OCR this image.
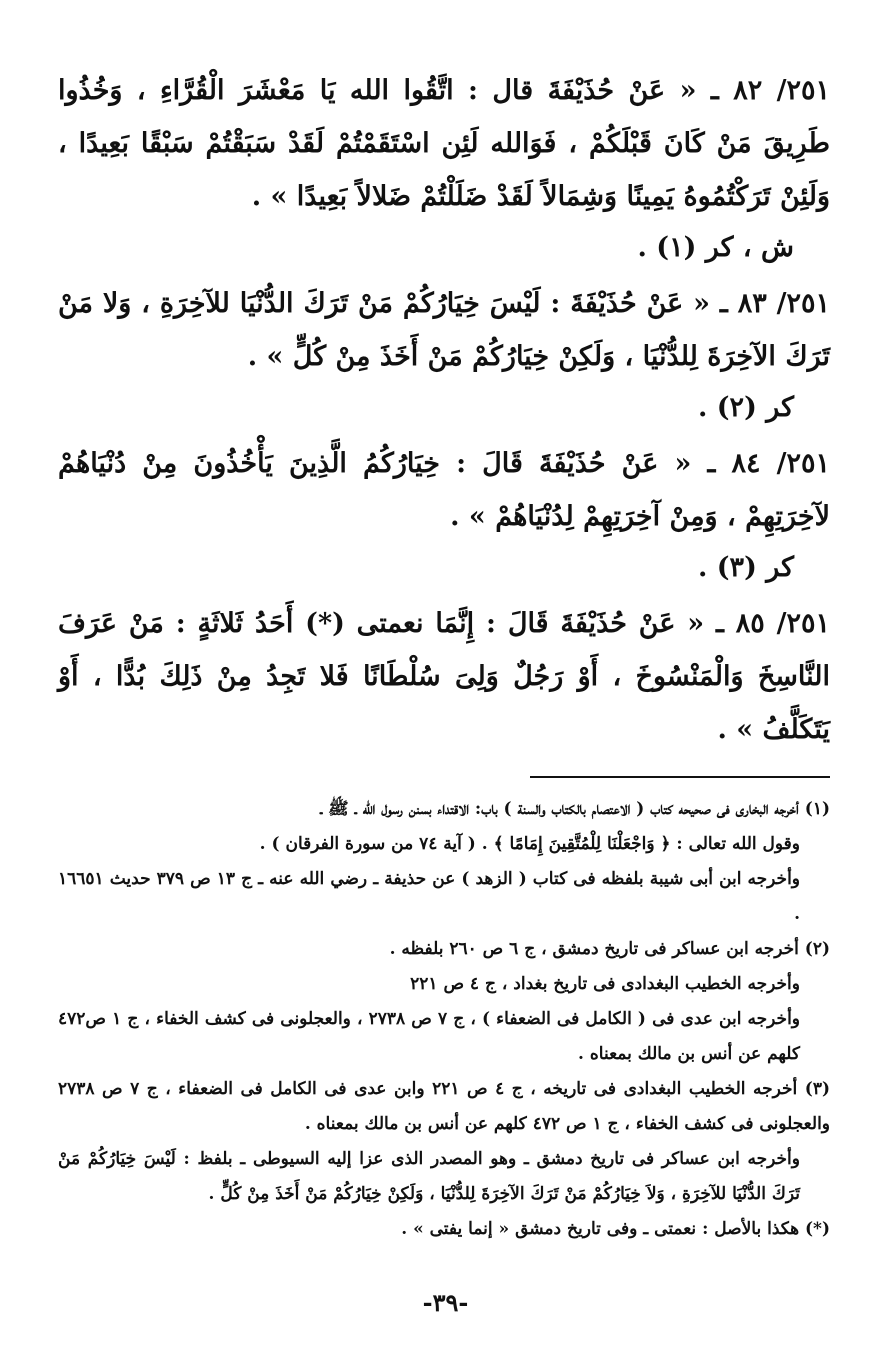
٢٥١/ ٨٢ ـ « عَنْ حُذَيْفَةَ قال : اتَّقُوا الله يَا مَعْشَرَ الْقُرَّاءِ ، وَخُذُوا طَرِيقَ مَنْ كَانَ قَبْلَكُمْ ، فَوَالله لَئِن اسْتَقَمْتُمْ لَقَدْ سَبَقْتُمْ سَبْقًا بَعِيدًا ، وَلَئِنْ تَرَكْتُمُوهُ يَمِينًا وَشِمَالاً لَقَدْ ضَلَلْتُمْ ضَلالاً بَعِيدًا » .

ش ، كر (١) .

٢٥١/ ٨٣ ـ « عَنْ حُذَيْفَةَ : لَيْسَ خِيَارُكُمْ مَنْ تَرَكَ الدُّنْيَا للآخِرَةِ ، وَلا مَنْ تَرَكَ الآخِرَةَ لِلدُّنْيَا ، وَلَكِنْ خِيَارُكُمْ مَنْ أَخَذَ مِنْ كُلٍّ » .

كر (٢) .

٢٥١/ ٨٤ ـ « عَنْ حُذَيْفَةَ قَالَ : خِيَارُكُمُ الَّذِينَ يَأْخُذُونَ مِنْ دُنْيَاهُمْ لآخِرَتِهِمْ ، وَمِنْ آخِرَتِهِمْ لِدُنْيَاهُمْ » .

كر (٣) .

٢٥١/ ٨٥ ـ « عَنْ حُذَيْفَةَ قَالَ : إِنَّمَا نعمتى (*) أَحَدُ ثَلاثَةٍ : مَنْ عَرَفَ النَّاسِخَ وَالْمَنْسُوخَ ، أَوْ رَجُلٌ وَلِىَ سُلْطَانًا فَلا تَجِدُ مِنْ ذَلِكَ بُدًّا ، أَوْ يَتَكَلَّفُ » .

(١) أخرجه البخارى فى صحيحه كتاب ( الاعتصام بالكتاب والسنة ) باب: الاقتداء بسنن رسول الله ـ ﷺ ـ

وقول الله تعالى : ﴿ وَاجْعَلْنَا لِلْمُتَّقِينَ إِمَامًا ﴾ . ( آية ٧٤ من سورة الفرقان ) .

وأخرجه ابن أبى شيبة بلفظه فى كتاب ( الزهد ) عن حذيفة ـ رضي الله عنه ـ ج ١٣ ص ٣٧٩ حديث ١٦٦٥١ .

(٢) أخرجه ابن عساكر فى تاريخ دمشق ، ج ٦ ص ٢٦٠ بلفظه .

وأخرجه الخطيب البغدادى فى تاريخ بغداد ، ج ٤ ص ٢٢١

وأخرجه ابن عدى فى ( الكامل فى الضعفاء ) ، ج ٧ ص ٢٧٣٨ ، والعجلونى فى كشف الخفاء ، ج ١ ص٤٧٢ كلهم عن أنس بن مالك بمعناه .

(٣) أخرجه الخطيب البغدادى فى تاريخه ، ج ٤ ص ٢٢١ وابن عدى فى الكامل فى الضعفاء ، ج ٧ ص ٢٧٣٨ والعجلونى فى كشف الخفاء ، ج ١ ص ٤٧٢ كلهم عن أنس بن مالك بمعناه .

وأخرجه ابن عساكر فى تاريخ دمشق ـ وهو المصدر الذى عزا إليه السيوطى ـ بلفظ : لَيْسَ خِيَارُكُمْ مَنْ تَرَكَ الدُّنْيَا للآخِرَةِ ، وَلاَ خِيَارُكُمْ مَنْ تَرَكَ الآخِرَةَ لِلدُّنْيَا ، وَلَكِنْ خِيَارُكُمْ مَنْ أَخَذَ مِنْ كُلٍّ .

(*) هكذا بالأصل : نعمتى ـ وفى تاريخ دمشق « إنما يفتى » .

-٣٩-
